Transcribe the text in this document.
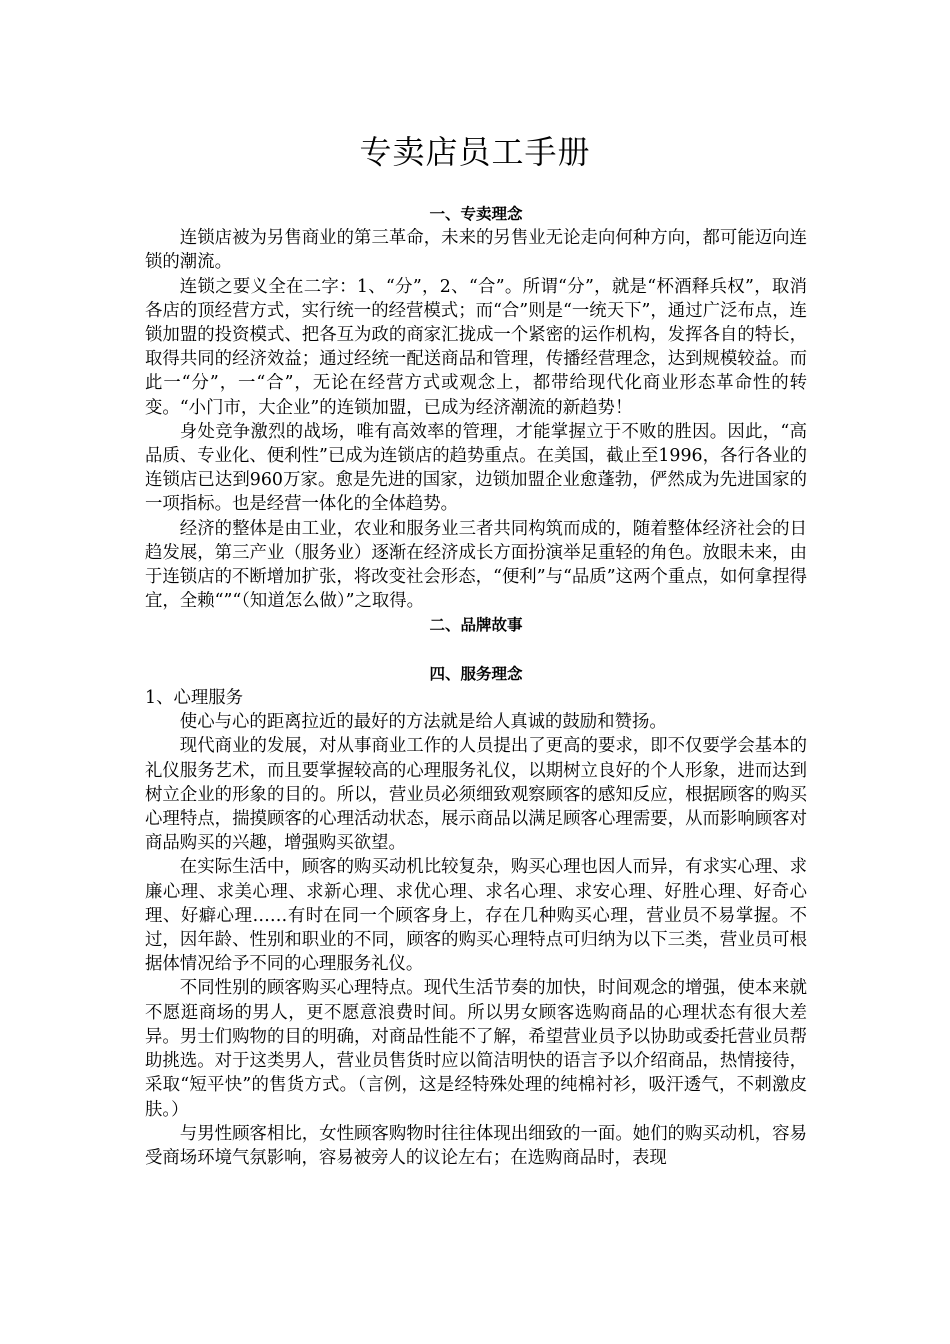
专卖店员工手册
一、专卖理念

连锁店被为另售商业的第三革命，未来的另售业无论走向何种方向，都可能迈向连锁的潮流。

连锁之要义全在二字：1、“分”，2、“合”。所谓“分”，就是“杯酒释兵权”，取消各店的顶经营方式，实行统一的经营模式；而“合”则是“一统天下”，通过广泛布点，连锁加盟的投资模式、把各互为政的商家汇拢成一个紧密的运作机构，发挥各自的特长，取得共同的经济效益；通过经统一配送商品和管理，传播经营理念，达到规模较益。而此一“分”，一“合”，无论在经营方式或观念上，都带给现代化商业形态革命性的转变。“小门市，大企业”的连锁加盟，已成为经济潮流的新趋势！

身处竞争激烈的战场，唯有高效率的管理，才能掌握立于不败的胜因。因此，“高品质、专业化、便利性”已成为连锁店的趋势重点。在美国，截止至1996，各行各业的连锁店已达到960万家。愈是先进的国家，边锁加盟企业愈蓬勃，俨然成为先进国家的一项指标。也是经营一体化的全体趋势。

经济的整体是由工业，农业和服务业三者共同构筑而成的，随着整体经济社会的日趋发展，第三产业（服务业）逐渐在经济成长方面扮演举足重轻的角色。放眼未来，由于连锁店的不断增加扩张，将改变社会形态，“便利”与“品质”这两个重点，如何拿捏得宜，全赖“”“（知道怎么做）”之取得。

二、品牌故事
四、服务理念
1、心理服务

使心与心的距离拉近的最好的方法就是给人真诚的鼓励和赞扬。

现代商业的发展，对从事商业工作的人员提出了更高的要求，即不仅要学会基本的礼仪服务艺术，而且要掌握较高的心理服务礼仪，以期树立良好的个人形象，进而达到树立企业的形象的目的。所以，营业员必须细致观察顾客的感知反应，根据顾客的购买心理特点，揣摸顾客的心理活动状态，展示商品以满足顾客心理需要，从而影响顾客对商品购买的兴趣，增强购买欲望。

在实际生活中，顾客的购买动机比较复杂，购买心理也因人而异，有求实心理、求廉心理、求美心理、求新心理、求优心理、求名心理、求安心理、好胜心理、好奇心理、好癖心理……有时在同一个顾客身上，存在几种购买心理，营业员不易掌握。不过，因年龄、性别和职业的不同，顾客的购买心理特点可归纳为以下三类，营业员可根据体情况给予不同的心理服务礼仪。

不同性别的顾客购买心理特点。现代生活节奏的加快，时间观念的增强，使本来就不愿逛商场的男人，更不愿意浪费时间。所以男女顾客选购商品的心理状态有很大差异。男士们购物的目的明确，对商品性能不了解，希望营业员予以协助或委托营业员帮助挑选。对于这类男人，营业员售货时应以简洁明快的语言予以介绍商品，热情接待，采取“短平快”的售货方式。（言例，这是经特殊处理的纯棉衬衫，吸汗透气，不刺激皮肤。）

与男性顾客相比，女性顾客购物时往往体现出细致的一面。她们的购买动机，容易受商场环境气氛影响，容易被旁人的议论左右；在选购商品时，表现
